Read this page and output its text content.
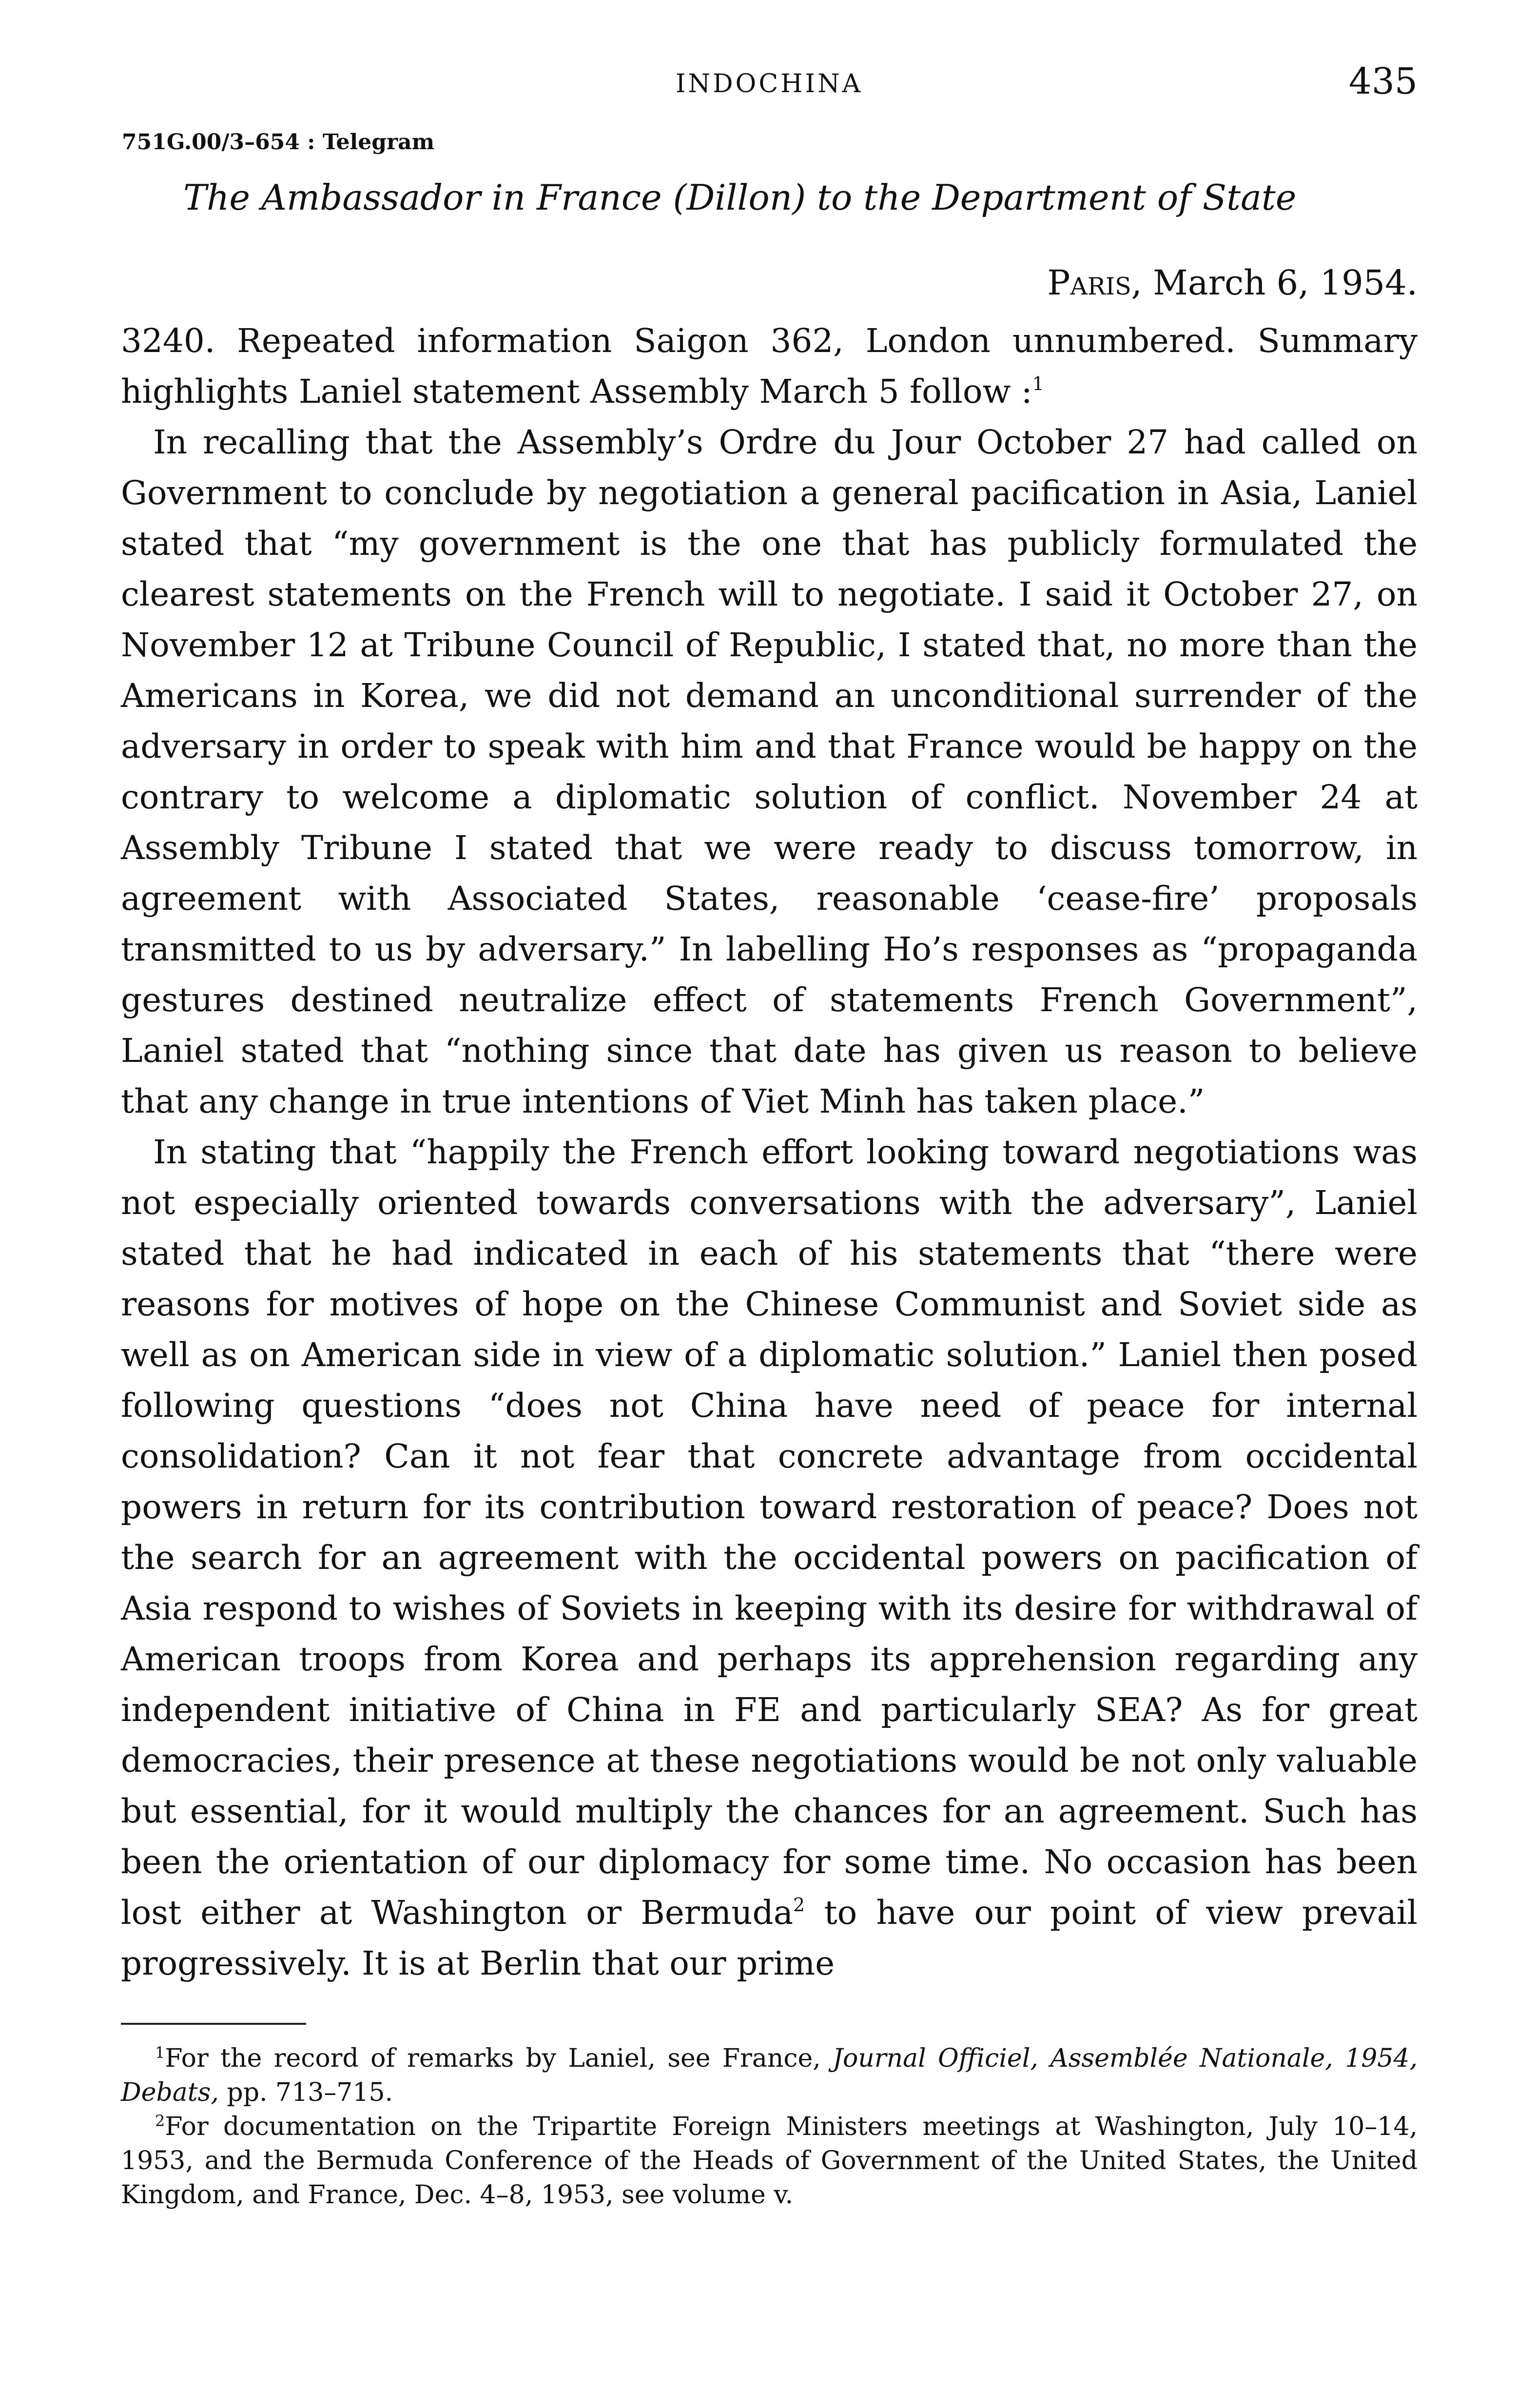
INDOCHINA	435
751G.00/3–654 : Telegram
The Ambassador in France (Dillon) to the Department of State
Paris, March 6, 1954.

3240. Repeated information Saigon 362, London unnumbered. Summary highlights Laniel statement Assembly March 5 follow :$^1$

In recalling that the Assembly’s Ordre du Jour October 27 had called on Government to conclude by negotiation a general pacification in Asia, Laniel stated that “my government is the one that has publicly formulated the clearest statements on the French will to negotiate. I said it October 27, on November 12 at Tribune Council of Republic, I stated that, no more than the Americans in Korea, we did not demand an unconditional surrender of the adversary in order to speak with him and that France would be happy on the contrary to welcome a diplomatic solution of conflict. November 24 at Assembly Tribune I stated that we were ready to discuss tomorrow, in agreement with Associated States, reasonable ‘cease-fire’ proposals transmitted to us by adversary.” In labelling Ho’s responses as “propaganda gestures destined neutralize effect of statements French Government”, Laniel stated that “nothing since that date has given us reason to believe that any change in true intentions of Viet Minh has taken place.”

In stating that “happily the French effort looking toward negotiations was not especially oriented towards conversations with the adversary”, Laniel stated that he had indicated in each of his statements that “there were reasons for motives of hope on the Chinese Communist and Soviet side as well as on American side in view of a diplomatic solution.” Laniel then posed following questions “does not China have need of peace for internal consolidation? Can it not fear that concrete advantage from occidental powers in return for its contribution toward restoration of peace? Does not the search for an agreement with the occidental powers on pacification of Asia respond to wishes of Soviets in keeping with its desire for withdrawal of American troops from Korea and perhaps its apprehension regarding any independent initiative of China in FE and particularly SEA? As for great democracies, their presence at these negotiations would be not only valuable but essential, for it would multiply the chances for an agreement. Such has been the orientation of our diplomacy for some time. No occasion has been lost either at Washington or Bermuda$^2$ to have our point of view prevail progressively. It is at Berlin that our prime

$^1$For the record of remarks by Laniel, see France, Journal Officiel, Assemblée Nationale, 1954, Debats, pp. 713–715.
$^2$For documentation on the Tripartite Foreign Ministers meetings at Washington, July 10–14, 1953, and the Bermuda Conference of the Heads of Government of the United States, the United Kingdom, and France, Dec. 4–8, 1953, see volume v.
